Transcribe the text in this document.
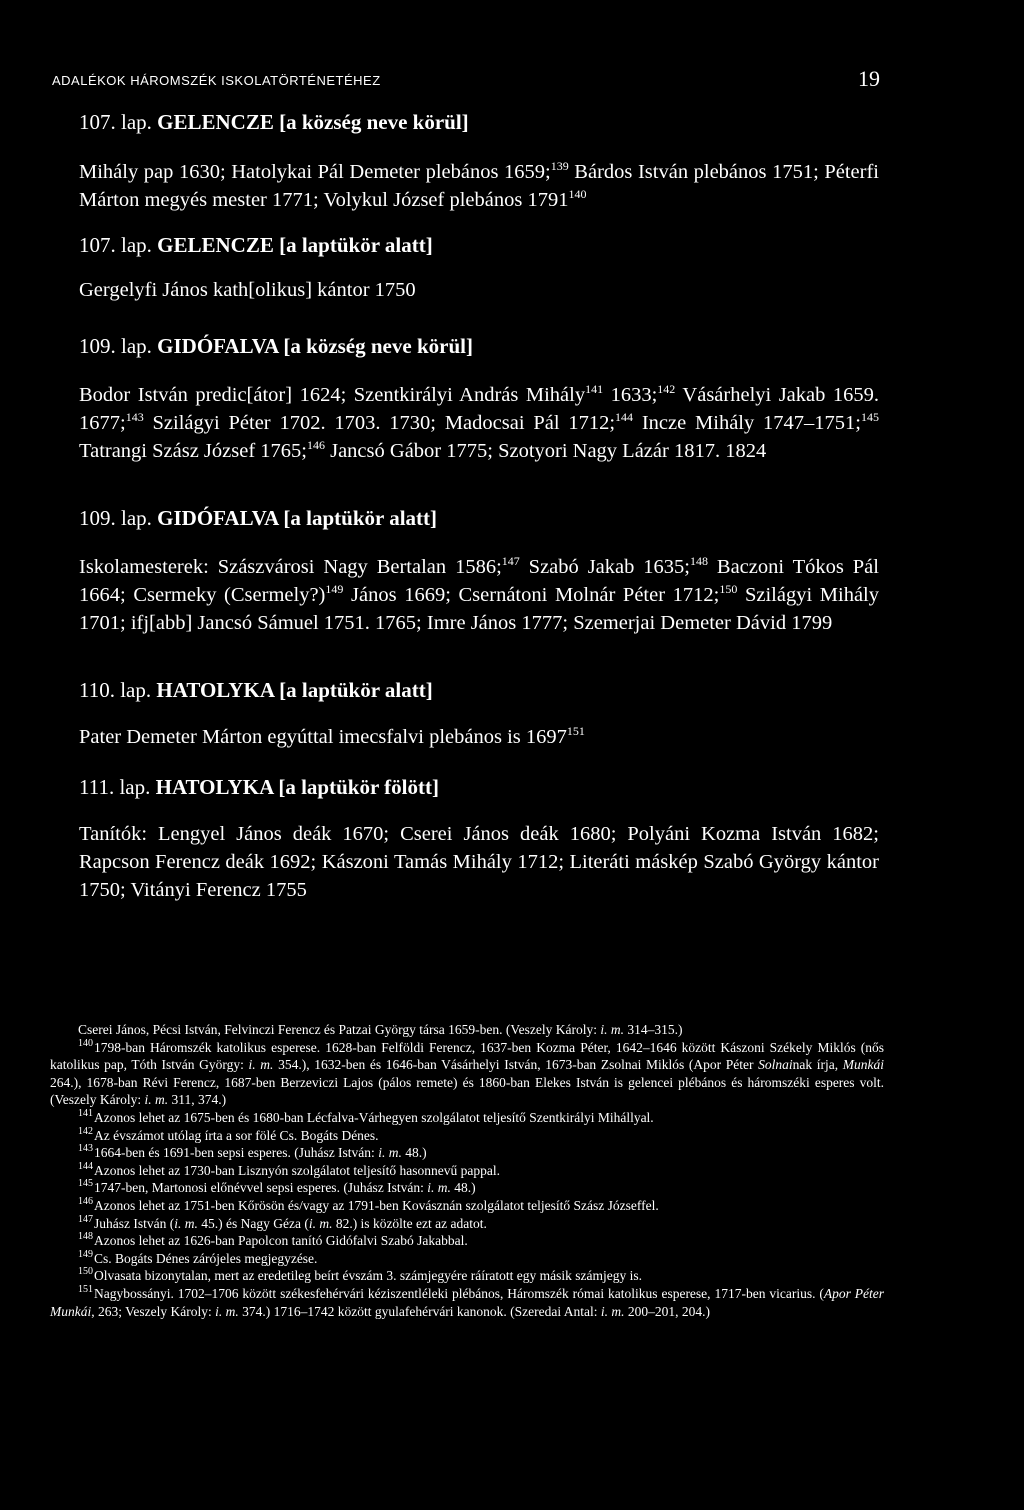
ADALÉKOK HÁROMSZÉK ISKOLATÖRTÉNETÉHEZ	19
107. lap. GELENCZE [a község neve körül]

Mihály pap 1630; Hatolykai Pál Demeter plebános 1659;$^{139}$ Bárdos István plebános 1751; Péterfi Márton megyés mester 1771; Volykul József plebános 1791$^{140}$

107. lap. GELENCZE [a laptükör alatt]

Gergelyfi János kath[olikus] kántor 1750

109. lap. GIDÓFALVA [a község neve körül]

Bodor István predic[átor] 1624; Szentkirályi András Mihály$^{141}$ 1633;$^{142}$ Vásárhelyi Jakab 1659. 1677;$^{143}$ Szilágyi Péter 1702. 1703. 1730; Madocsai Pál 1712;$^{144}$ Incze Mihály 1747–1751;$^{145}$ Tatrangi Szász József 1765;$^{146}$ Jancsó Gábor 1775; Szotyori Nagy Lázár 1817. 1824

109. lap. GIDÓFALVA [a laptükör alatt]

Iskolamesterek: Szászvárosi Nagy Bertalan 1586;$^{147}$ Szabó Jakab 1635;$^{148}$ Baczoni Tókos Pál 1664; Csermeky (Csermely?)$^{149}$ János 1669; Csernátoni Molnár Péter 1712;$^{150}$ Szilágyi Mihály 1701; ifj[abb] Jancsó Sámuel 1751. 1765; Imre János 1777; Szemerjai Demeter Dávid 1799

110. lap. HATOLYKA [a laptükör alatt]

Pater Demeter Márton egyúttal imecsfalvi plebános is 1697$^{151}$

111. lap. HATOLYKA [a laptükör fölött]

Tanítók: Lengyel János deák 1670; Cserei János deák 1680; Polyáni Kozma István 1682; Rapcson Ferencz deák 1692; Kászoni Tamás Mihály 1712; Literáti máskép Szabó György kántor 1750; Vitányi Ferencz 1755

Cserei János, Pécsi István, Felvinczi Ferencz és Patzai György társa 1659-ben. (Veszely Károly: i. m. 314–315.)

$^{140}$1798-ban Háromszék katolikus esperese. 1628-ban Felföldi Ferencz, 1637-ben Kozma Péter, 1642–1646 között Kászoni Székely Miklós (nős katolikus pap, Tóth István György: i. m. 354.), 1632-ben és 1646-ban Vásárhelyi István, 1673-ban Zsolnai Miklós (Apor Péter Solnainak írja, Munkái 264.), 1678-ban Révi Ferencz, 1687-ben Berzeviczi Lajos (pálos remete) és 1860-ban Elekes István is gelencei plébános és háromszéki esperes volt. (Veszely Károly: i. m. 311, 374.)

$^{141}$Azonos lehet az 1675-ben és 1680-ban Lécfalva-Várhegyen szolgálatot teljesítő Szentkirályi Mihállyal.

$^{142}$Az évszámot utólag írta a sor fölé Cs. Bogáts Dénes.

$^{143}$1664-ben és 1691-ben sepsi esperes. (Juhász István: i. m. 48.)

$^{144}$Azonos lehet az 1730-ban Lisznyón szolgálatot teljesítő hasonnevű pappal.

$^{145}$1747-ben, Martonosi előnévvel sepsi esperes. (Juhász István: i. m. 48.)

$^{146}$Azonos lehet az 1751-ben Kőrösön és/vagy az 1791-ben Kovásznán szolgálatot teljesítő Szász Józseffel.

$^{147}$Juhász István (i. m. 45.) és Nagy Géza (i. m. 82.) is közölte ezt az adatot.

$^{148}$Azonos lehet az 1626-ban Papolcon tanító Gidófalvi Szabó Jakabbal.

$^{149}$Cs. Bogáts Dénes zárójeles megjegyzése.

$^{150}$Olvasata bizonytalan, mert az eredetileg beírt évszám 3. számjegyére ráíratott egy másik számjegy is.

$^{151}$Nagybossányi. 1702–1706 között székesfehérvári kéziszentléleki plébános, Háromszék római katolikus esperese, 1717-ben vicarius. (Apor Péter Munkái, 263; Veszely Károly: i. m. 374.) 1716–1742 között gyulafehérvári kanonok. (Szeredai Antal: i. m. 200–201, 204.)
